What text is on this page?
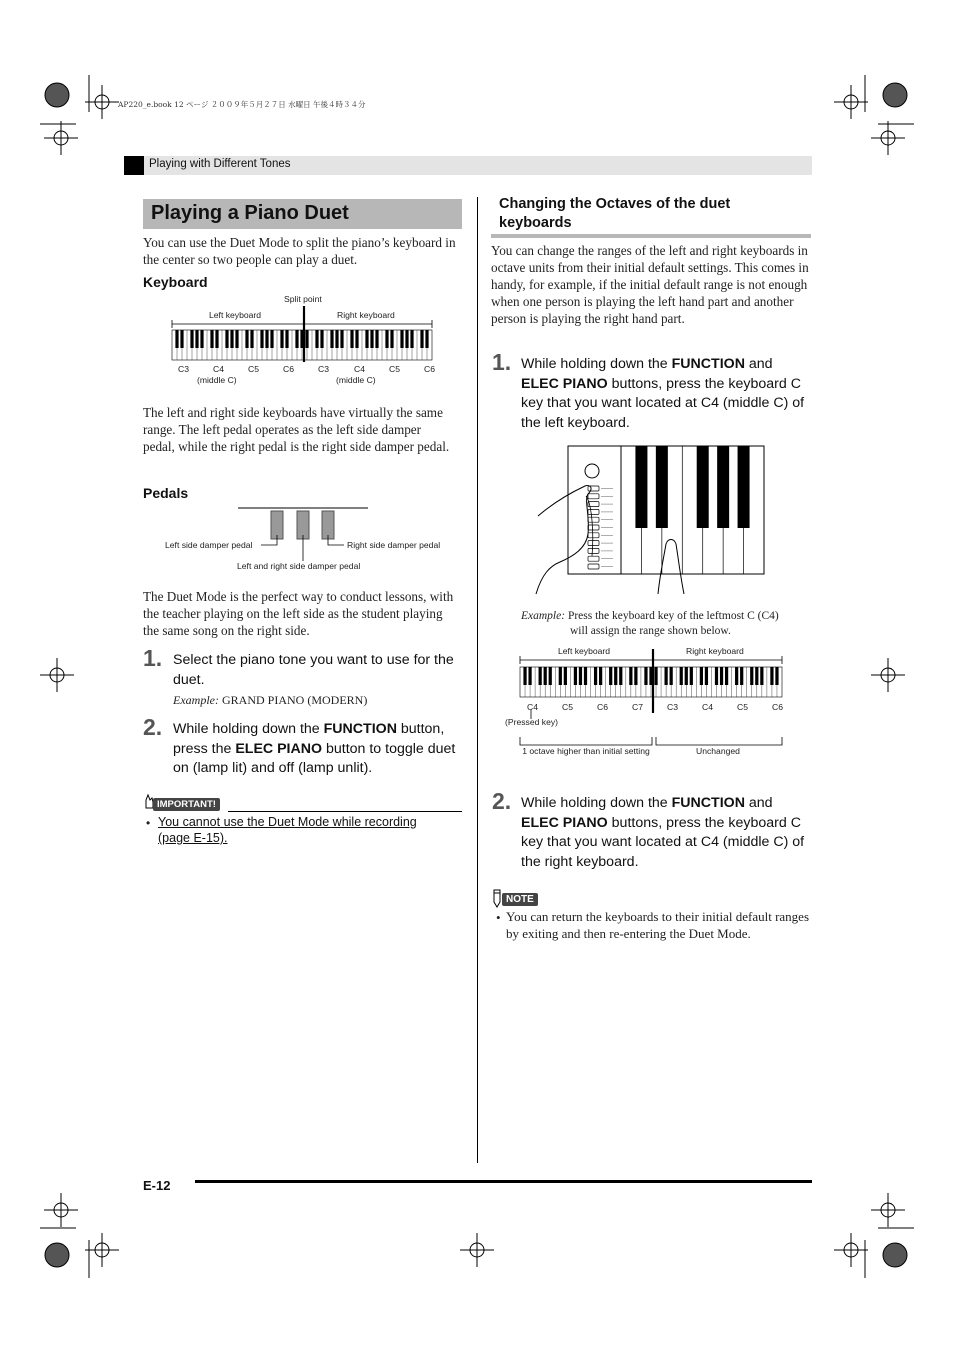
AP220_e.book 12 ページ ２００９年５月２７日 水曜日 午後４時３４分
Playing with Different Tones
Playing a Piano Duet
You can use the Duet Mode to split the piano’s keyboard in the center so two people can play a duet.
Keyboard
Split point
Left keyboard	Right keyboard
C3	C4	C5	C6	C3	C4	C5	C6
(middle C)	(middle C)
The left and right side keyboards have virtually the same range. The left pedal operates as the left side damper pedal, while the right pedal is the right side damper pedal.
Pedals
Left side damper pedal	Right side damper pedal
Left and right side damper pedal
The Duet Mode is the perfect way to conduct lessons, with the teacher playing on the left side as the student playing the same song on the right side.
1. Select the piano tone you want to use for the duet.
Example: GRAND PIANO (MODERN)
2. While holding down the FUNCTION button, press the ELEC PIANO button to toggle duet on (lamp lit) and off (lamp unlit).
IMPORTANT!
• You cannot use the Duet Mode while recording
(page E-15).
Changing the Octaves of the duet
keyboards
You can change the ranges of the left and right keyboards in octave units from their initial default settings. This comes in handy, for example, if the initial default range is not enough when one person is playing the left hand part and another person is playing the right hand part.
1. While holding down the FUNCTION and ELEC PIANO buttons, press the keyboard C key that you want located at C4 (middle C) of the left keyboard.
Example: Press the keyboard key of the leftmost C (C4)
will assign the range shown below.
Left keyboard	Right keyboard
C4	C5	C6	C7	C3	C4	C5	C6
(Pressed key)
1 octave higher than initial setting	Unchanged
2. While holding down the FUNCTION and ELEC PIANO buttons, press the keyboard C key that you want located at C4 (middle C) of the right keyboard.
NOTE
• You can return the keyboards to their initial default ranges by exiting and then re-entering the Duet Mode.
E-12
